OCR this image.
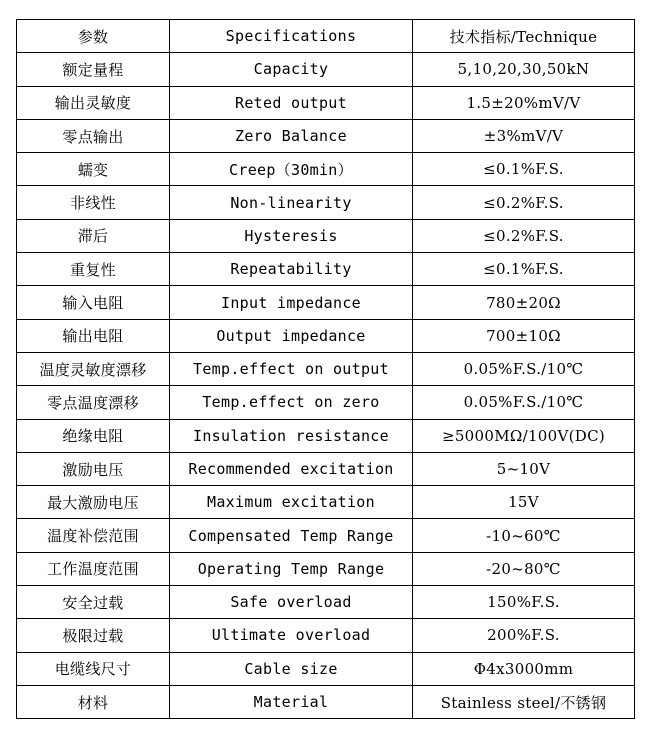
参数	Specifications	技术指标/Technique
额定量程	Capacity	5,10,20,30,50kN
输出灵敏度	Reted output	1.5±20%mV/V
零点输出	Zero Balance	±3%mV/V
蠕变	Creep（30min）	≤0.1%F.S.
非线性	Non-linearity	≤0.2%F.S.
滞后	Hysteresis	≤0.2%F.S.
重复性	Repeatability	≤0.1%F.S.
输入电阻	Input impedance	780±20Ω
输出电阻	Output impedance	700±10Ω
温度灵敏度漂移	Temp.effect on output	0.05%F.S./10℃
零点温度漂移	Temp.effect on zero	0.05%F.S./10℃
绝缘电阻	Insulation resistance	≥5000MΩ/100V(DC)
激励电压	Recommended excitation	5~10V
最大激励电压	Maximum excitation	15V
温度补偿范围	Compensated Temp Range	-10~60℃
工作温度范围	Operating Temp Range	-20~80℃
安全过载	Safe overload	150%F.S.
极限过载	Ultimate overload	200%F.S.
电缆线尺寸	Cable size	Φ4x3000mm
材料	Material	Stainless steel/不锈钢
